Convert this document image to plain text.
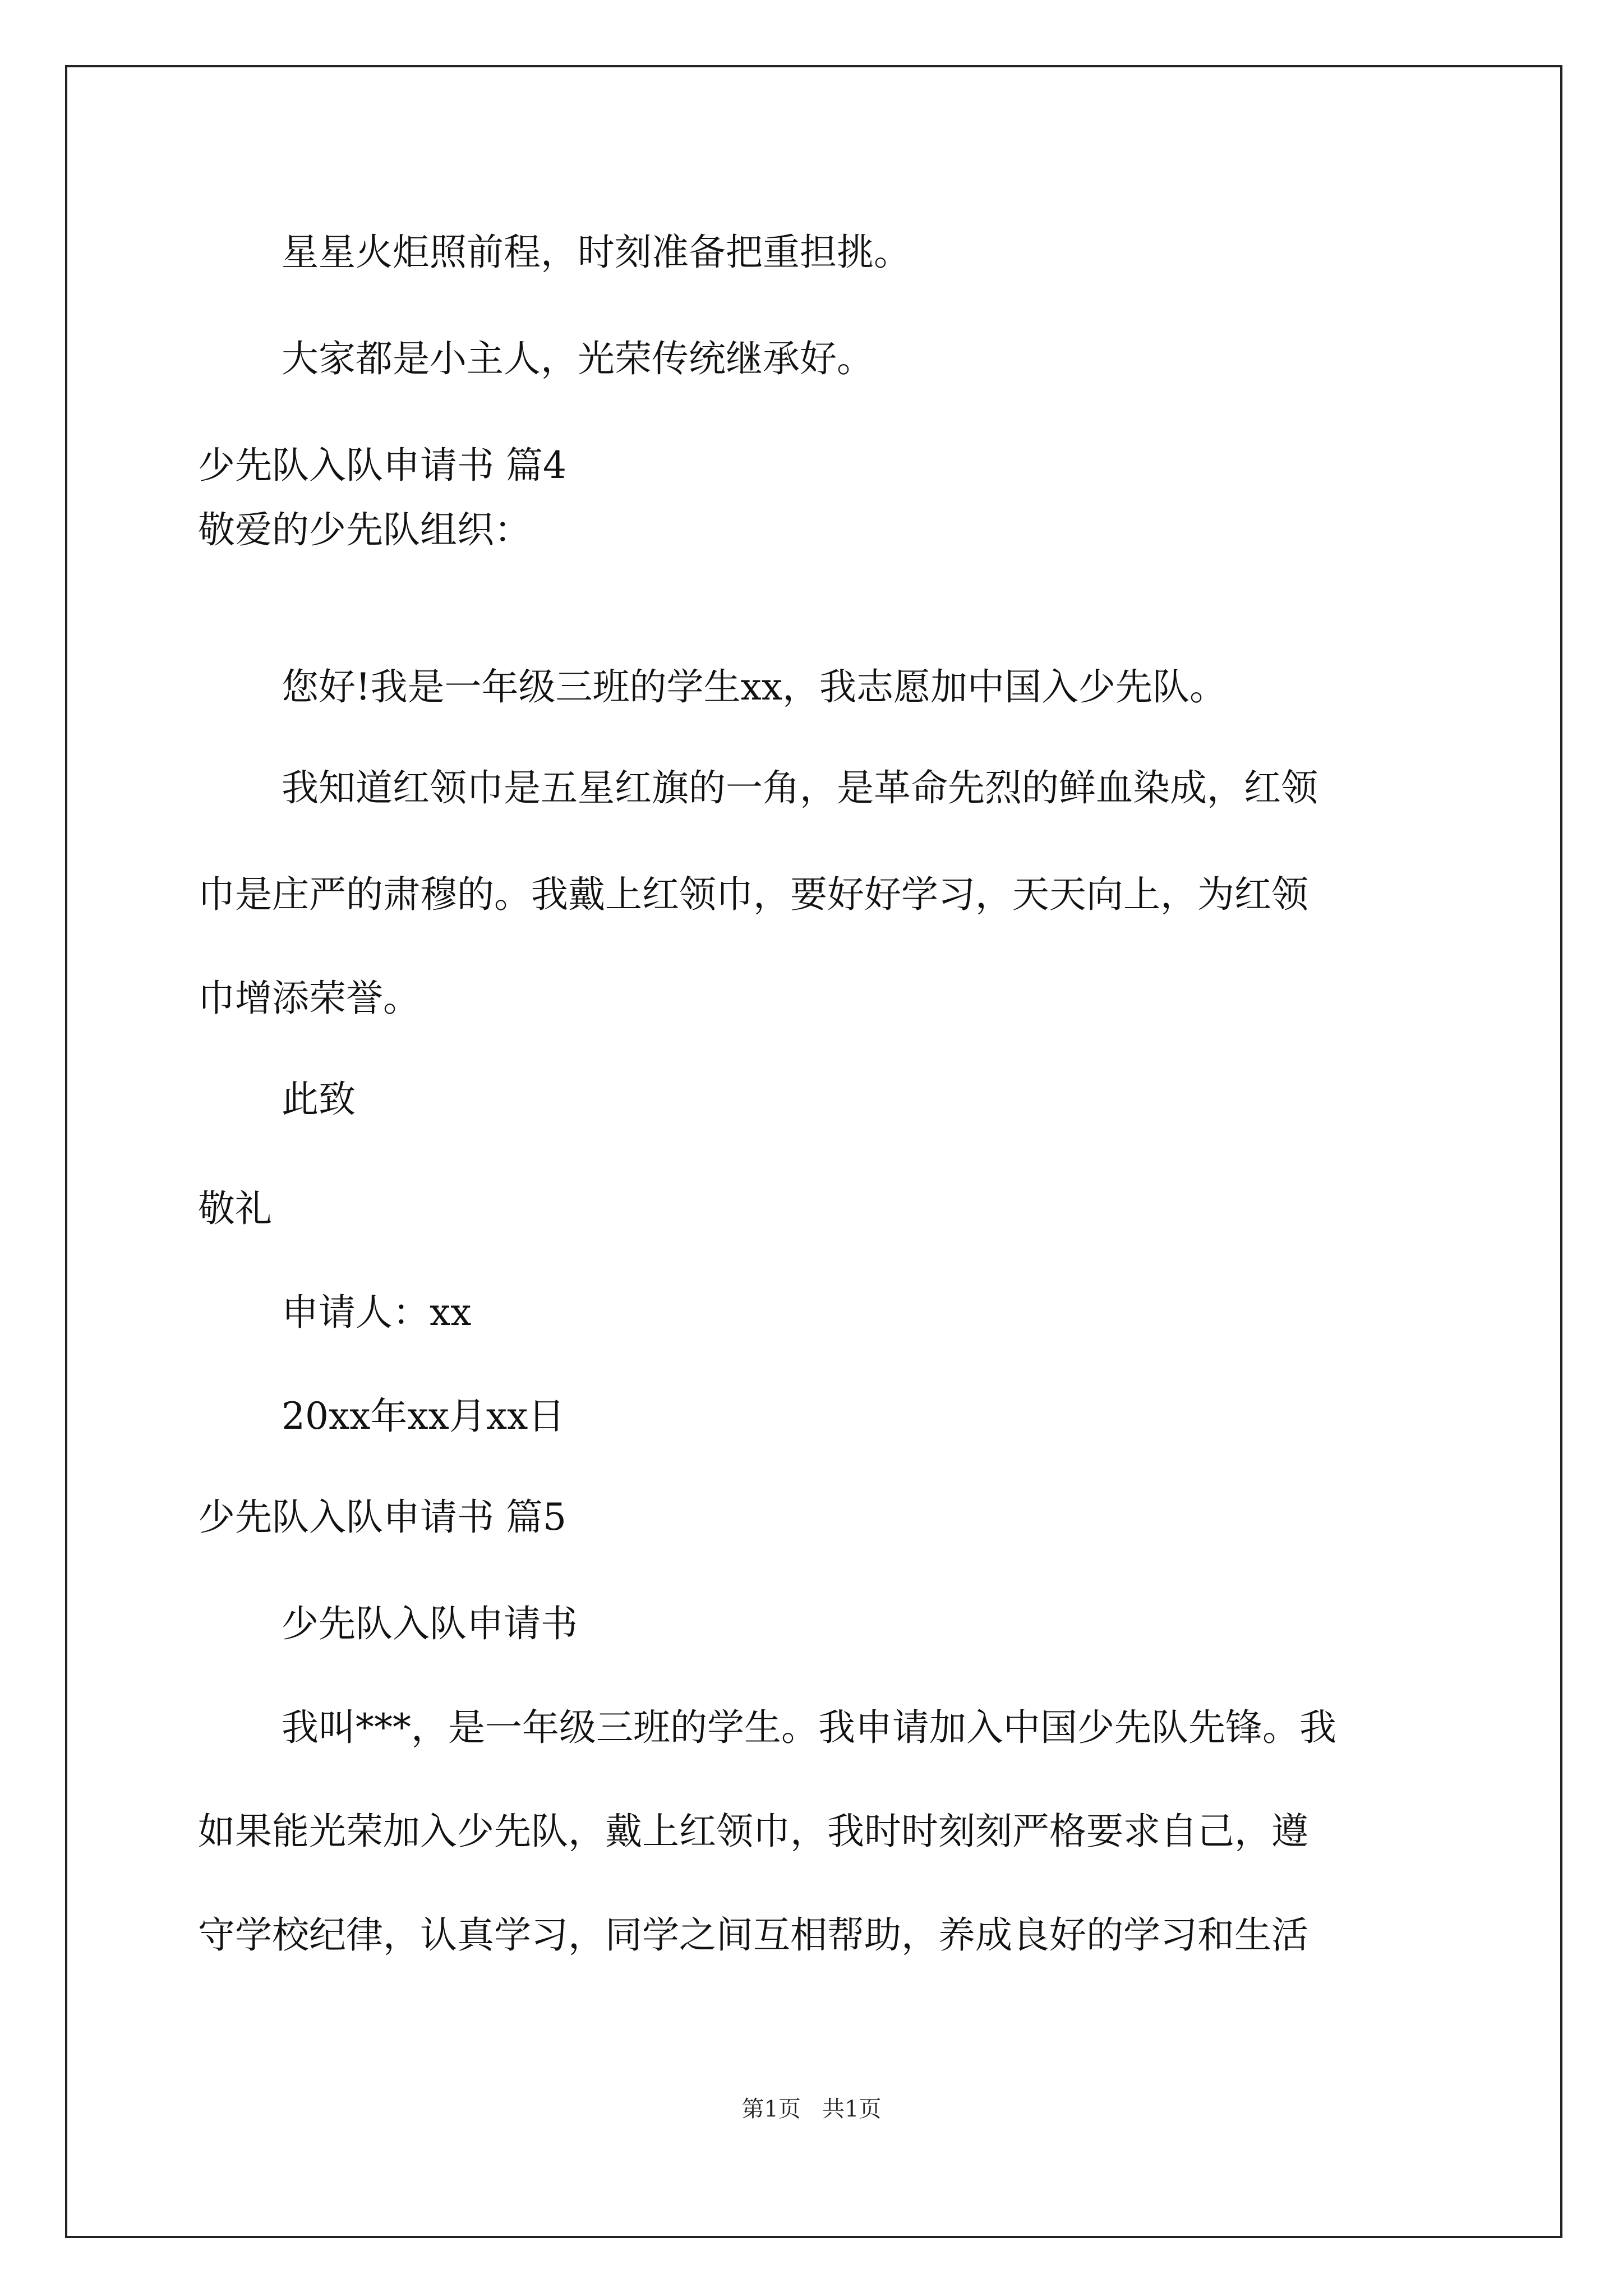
星星火炬照前程，时刻准备把重担挑。
大家都是小主人，光荣传统继承好。
少先队入队申请书 篇4
敬爱的少先队组织：
您好!我是一年级三班的学生xx，我志愿加中国入少先队。
我知道红领巾是五星红旗的一角，是革命先烈的鲜血染成，红领
巾是庄严的肃穆的。我戴上红领巾，要好好学习，天天向上，为红领
巾增添荣誉。
此致
敬礼
申请人：xx
20xx年xx月xx日
少先队入队申请书 篇5
少先队入队申请书
我叫***，是一年级三班的学生。我申请加入中国少先队先锋。我
如果能光荣加入少先队，戴上红领巾，我时时刻刻严格要求自己，遵
守学校纪律，认真学习，同学之间互相帮助，养成良好的学习和生活
第1页   共1页
